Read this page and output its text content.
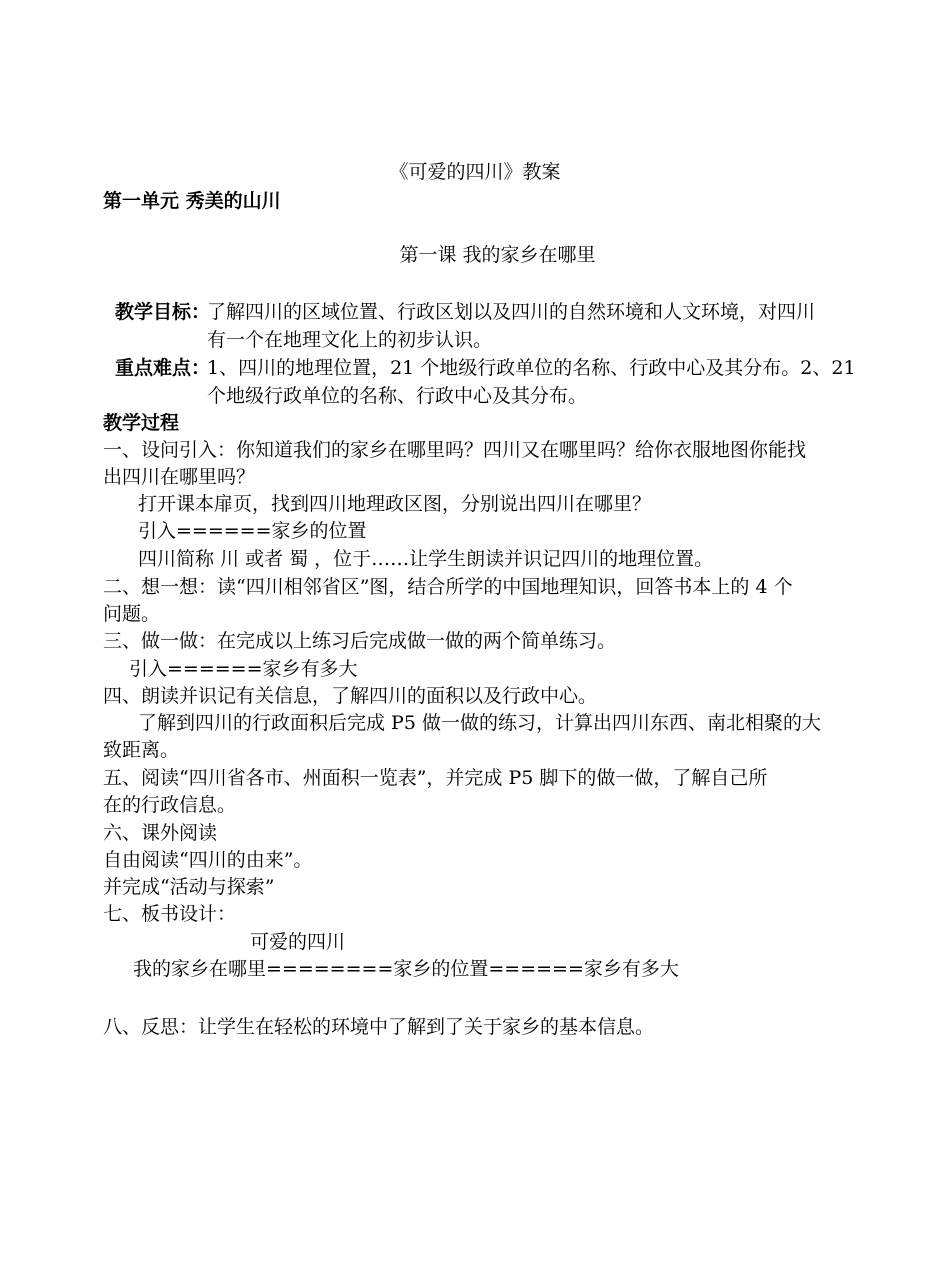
《可爱的四川》教案
第一单元 秀美的山川
第一课 我的家乡在哪里
教学目标：
了解四川的区域位置、行政区划以及四川的自然环境和人文环境，对四川
有一个在地理文化上的初步认识。
重点难点：
1、四川的地理位置，21 个地级行政单位的名称、行政中心及其分布。2、21
个地级行政单位的名称、行政中心及其分布。
教学过程
一、设问引入：你知道我们的家乡在哪里吗？四川又在哪里吗？给你衣服地图你能找
出四川在哪里吗？
打开课本扉页，找到四川地理政区图，分别说出四川在哪里？
引入======家乡的位置
四川简称 川 或者 蜀 ，位于……让学生朗读并识记四川的地理位置。
二、想一想：读“四川相邻省区”图，结合所学的中国地理知识，回答书本上的 4 个
问题。
三、做一做：在完成以上练习后完成做一做的两个简单练习。
引入======家乡有多大
四、朗读并识记有关信息，了解四川的面积以及行政中心。
了解到四川的行政面积后完成 P5 做一做的练习，计算出四川东西、南北相聚的大
致距离。
五、阅读“四川省各市、州面积一览表”，并完成 P5 脚下的做一做，了解自己所
在的行政信息。
六、课外阅读
自由阅读“四川的由来”。
并完成“活动与探索”
七、板书设计：
可爱的四川
我的家乡在哪里========家乡的位置======家乡有多大
八、反思：让学生在轻松的环境中了解到了关于家乡的基本信息。
